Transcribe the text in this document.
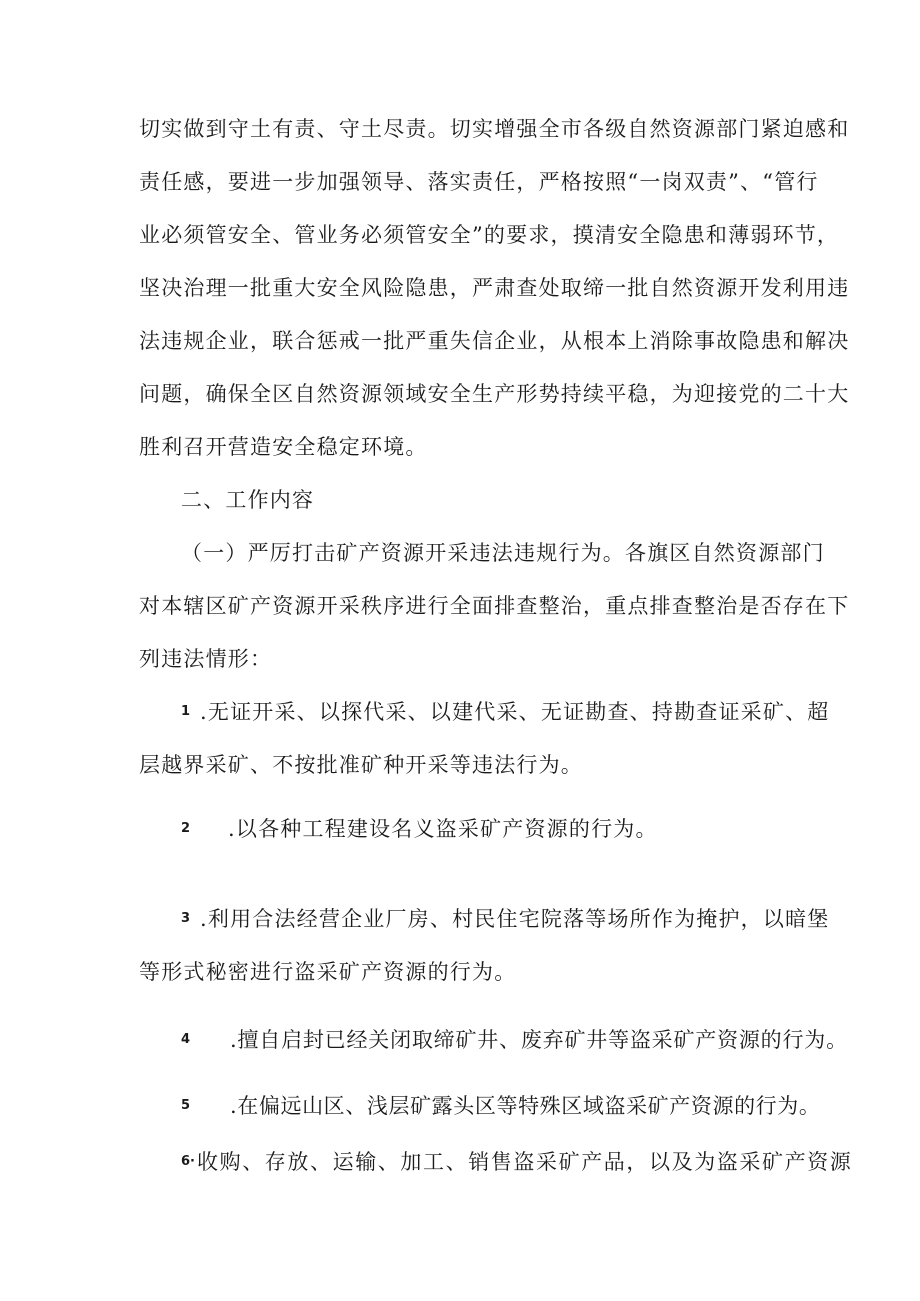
切实做到守土有责、守土尽责。切实增强全市各级自然资源部门紧迫感和
责任感，要进一步加强领导、落实责任，严格按照“一岗双责”、“管行
业必须管安全、管业务必须管安全”的要求，摸清安全隐患和薄弱环节，
坚决治理一批重大安全风险隐患，严肃查处取缔一批自然资源开发利用违
法违规企业，联合惩戒一批严重失信企业，从根本上消除事故隐患和解决
问题，确保全区自然资源领域安全生产形势持续平稳，为迎接党的二十大
胜利召开营造安全稳定环境。
二、工作内容
（一）严厉打击矿产资源开采违法违规行为。各旗区自然资源部门
对本辖区矿产资源开采秩序进行全面排查整治，重点排查整治是否存在下
列违法情形：
1 .无证开采、以探代采、以建代采、无证勘查、持勘查证采矿、超
层越界采矿、不按批准矿种开采等违法行为。
2 .以各种工程建设名义盗采矿产资源的行为。
3 .利用合法经营企业厂房、村民住宅院落等场所作为掩护，以暗堡
等形式秘密进行盗采矿产资源的行为。
4 .擅自启封已经关闭取缔矿井、废弃矿井等盗采矿产资源的行为。
5 .在偏远山区、浅层矿露头区等特殊区域盗采矿产资源的行为。
6· 收购、存放、运输、加工、销售盗采矿产品，以及为盗采矿产资源
